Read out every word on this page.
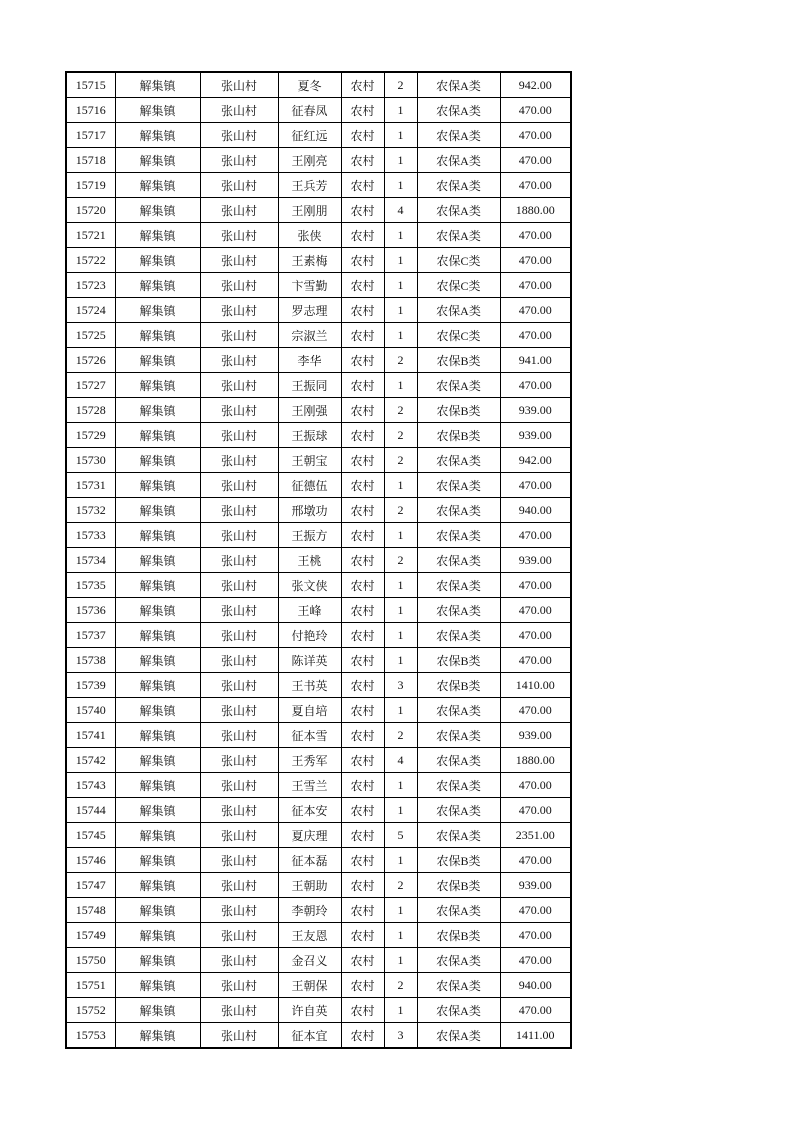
15715	解集镇	张山村	夏冬	农村	2	农保A类	942.00
15716	解集镇	张山村	征春凤	农村	1	农保A类	470.00
15717	解集镇	张山村	征红远	农村	1	农保A类	470.00
15718	解集镇	张山村	王刚亮	农村	1	农保A类	470.00
15719	解集镇	张山村	王兵芳	农村	1	农保A类	470.00
15720	解集镇	张山村	王刚朋	农村	4	农保A类	1880.00
15721	解集镇	张山村	张侠	农村	1	农保A类	470.00
15722	解集镇	张山村	王素梅	农村	1	农保C类	470.00
15723	解集镇	张山村	卞雪勤	农村	1	农保C类	470.00
15724	解集镇	张山村	罗志理	农村	1	农保A类	470.00
15725	解集镇	张山村	宗淑兰	农村	1	农保C类	470.00
15726	解集镇	张山村	李华	农村	2	农保B类	941.00
15727	解集镇	张山村	王振同	农村	1	农保A类	470.00
15728	解集镇	张山村	王刚强	农村	2	农保B类	939.00
15729	解集镇	张山村	王振球	农村	2	农保B类	939.00
15730	解集镇	张山村	王朝宝	农村	2	农保A类	942.00
15731	解集镇	张山村	征德伍	农村	1	农保A类	470.00
15732	解集镇	张山村	邢墩功	农村	2	农保A类	940.00
15733	解集镇	张山村	王振方	农村	1	农保A类	470.00
15734	解集镇	张山村	王桃	农村	2	农保A类	939.00
15735	解集镇	张山村	张文侠	农村	1	农保A类	470.00
15736	解集镇	张山村	王峰	农村	1	农保A类	470.00
15737	解集镇	张山村	付艳玲	农村	1	农保A类	470.00
15738	解集镇	张山村	陈详英	农村	1	农保B类	470.00
15739	解集镇	张山村	王书英	农村	3	农保B类	1410.00
15740	解集镇	张山村	夏自培	农村	1	农保A类	470.00
15741	解集镇	张山村	征本雪	农村	2	农保A类	939.00
15742	解集镇	张山村	王秀军	农村	4	农保A类	1880.00
15743	解集镇	张山村	王雪兰	农村	1	农保A类	470.00
15744	解集镇	张山村	征本安	农村	1	农保A类	470.00
15745	解集镇	张山村	夏庆理	农村	5	农保A类	2351.00
15746	解集镇	张山村	征本磊	农村	1	农保B类	470.00
15747	解集镇	张山村	王朝助	农村	2	农保B类	939.00
15748	解集镇	张山村	李朝玲	农村	1	农保A类	470.00
15749	解集镇	张山村	王友恩	农村	1	农保B类	470.00
15750	解集镇	张山村	金召义	农村	1	农保A类	470.00
15751	解集镇	张山村	王朝保	农村	2	农保A类	940.00
15752	解集镇	张山村	许自英	农村	1	农保A类	470.00
15753	解集镇	张山村	征本宜	农村	3	农保A类	1411.00
